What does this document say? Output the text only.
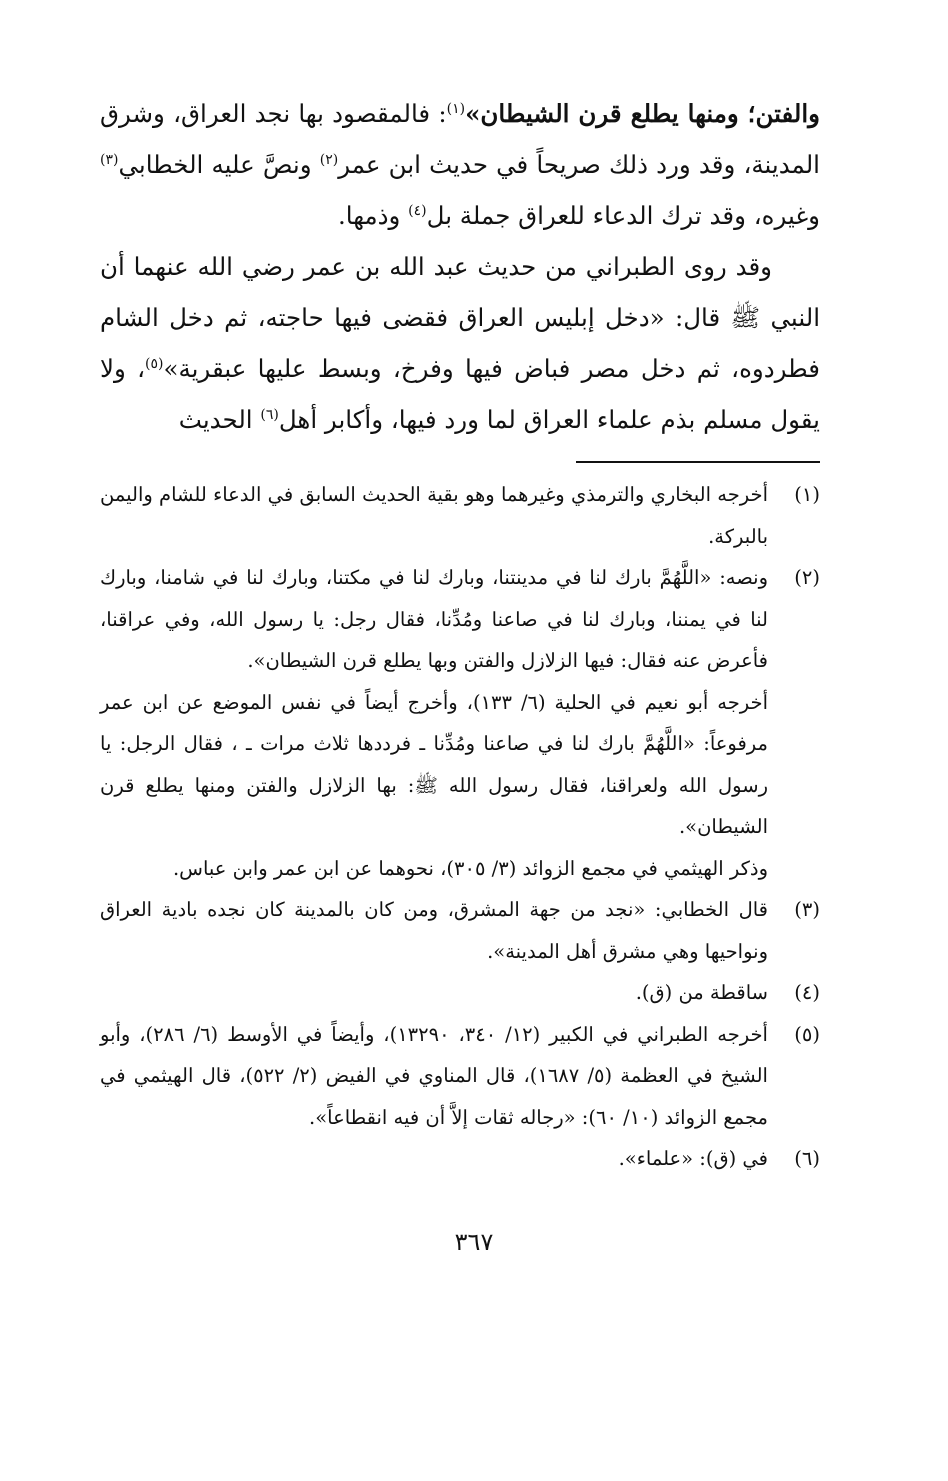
والفتن؛ ومنها يطلع قرن الشيطان»$^{(١)}$: فالمقصود بها نجد العراق، وشرق المدينة، وقد ورد ذلك صريحاً في حديث ابن عمر$^{(٢)}$ ونصَّ عليه الخطابي$^{(٣)}$ وغيره، وقد ترك الدعاء للعراق جملة بل$^{(٤)}$ وذمها.

وقد روى الطبراني من حديث عبد الله بن عمر رضي الله عنهما أن النبي ﷺ قال: «دخل إبليس العراق فقضى فيها حاجته، ثم دخل الشام فطردوه، ثم دخل مصر فباض فيها وفرخ، وبسط عليها عبقرية»$^{(٥)}$، ولا يقول مسلم بذم علماء العراق لما ورد فيها، وأكابر أهل$^{(٦)}$ الحديث

(١)

أخرجه البخاري والترمذي وغيرهما وهو بقية الحديث السابق في الدعاء للشام واليمن بالبركة.

(٢)

ونصه: «اللَّهُمَّ بارك لنا في مدينتنا، وبارك لنا في مكتنا، وبارك لنا في شامنا، وبارك لنا في يمننا، وبارك لنا في صاعنا ومُدِّنا، فقال رجل: يا رسول الله، وفي عراقنا، فأعرض عنه فقال: فيها الزلازل والفتن وبها يطلع قرن الشيطان».

أخرجه أبو نعيم في الحلية (٦/ ١٣٣)، وأخرج أيضاً في نفس الموضع عن ابن عمر مرفوعاً: «اللَّهُمَّ بارك لنا في صاعنا ومُدِّنا ـ فرددها ثلاث مرات ـ ، فقال الرجل: يا رسول الله ولعراقنا، فقال رسول الله ﷺ: بها الزلازل والفتن ومنها يطلع قرن الشيطان».

وذكر الهيثمي في مجمع الزوائد (٣/ ٣٠٥)، نحوهما عن ابن عمر وابن عباس.

(٣)

قال الخطابي: «نجد من جهة المشرق، ومن كان بالمدينة كان نجده بادية العراق ونواحيها وهي مشرق أهل المدينة».

(٤)

ساقطة من (ق).

(٥)

أخرجه الطبراني في الكبير (١٢/ ٣٤٠، ١٣٢٩٠)، وأيضاً في الأوسط (٦/ ٢٨٦)، وأبو الشيخ في العظمة (٥/ ١٦٨٧)، قال المناوي في الفيض (٢/ ٥٢٢)، قال الهيثمي في مجمع الزوائد (١٠/ ٦٠): «رجاله ثقات إلاَّ أن فيه انقطاعاً».

(٦)

في (ق): «علماء».

٣٦٧
